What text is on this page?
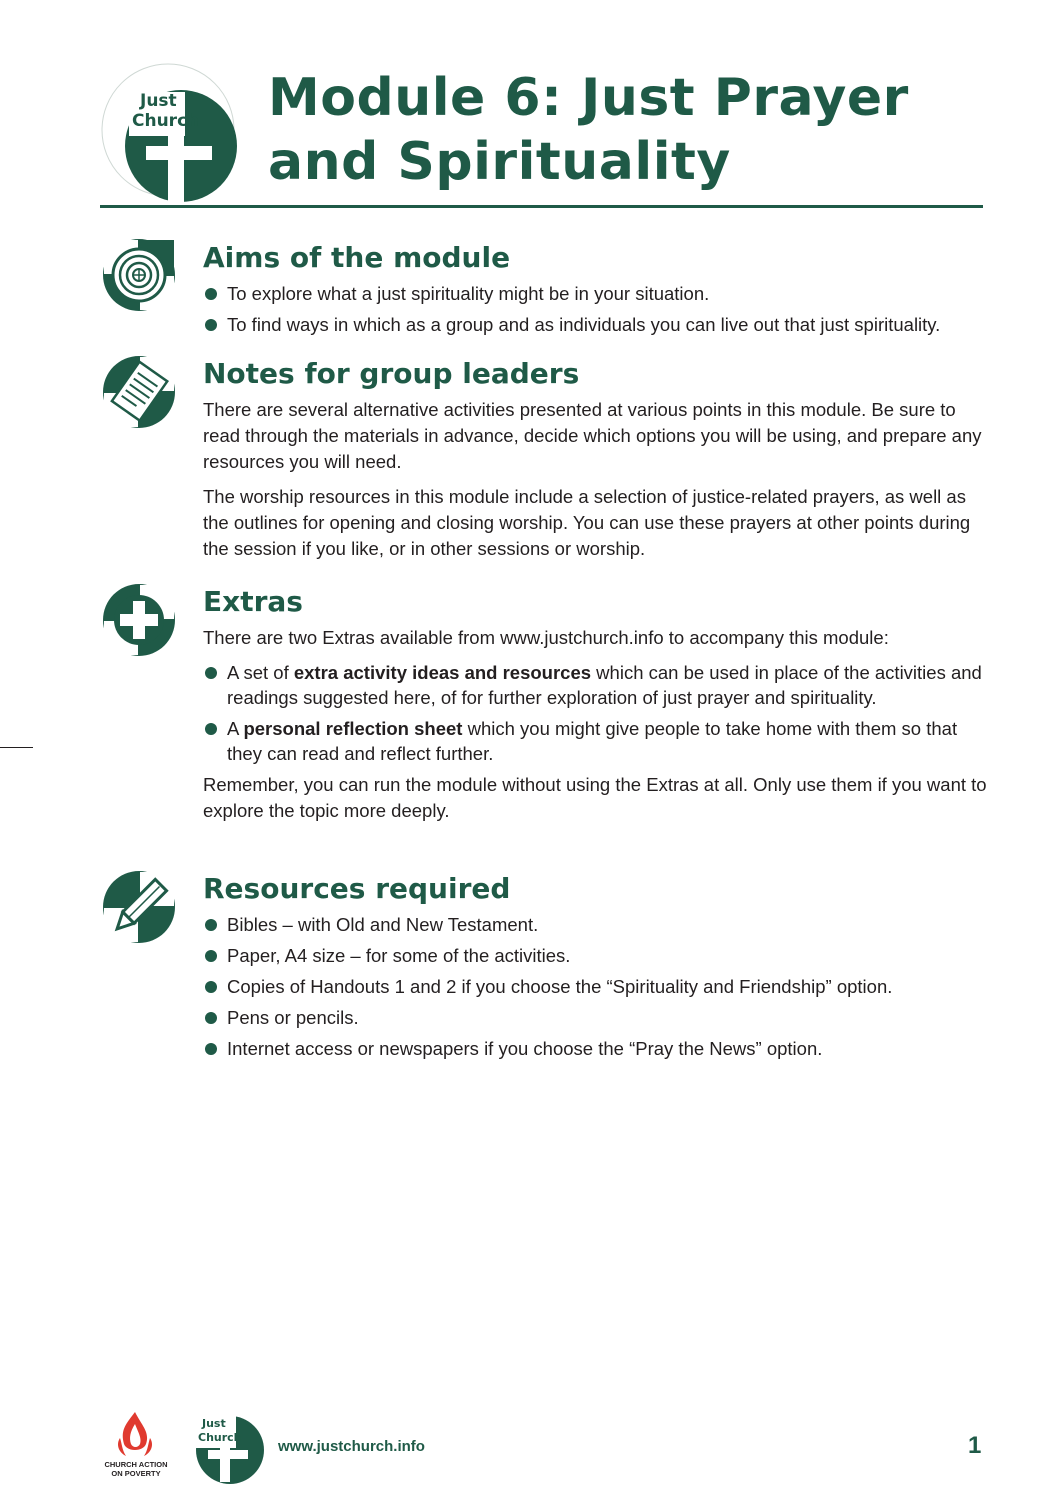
Just
Church Module 6: Just Prayer
and Spirituality
Aims of the module
To explore what a just spirituality might be in your situation.
To find ways in which as a group and as individuals you can live out that just spirituality.
Notes for group leaders

There are several alternative activities presented at various points in this module. Be sure to read through the materials in advance, decide which options you will be using, and prepare any resources you will need.

The worship resources in this module include a selection of justice-related prayers, as well as the outlines for opening and closing worship. You can use these prayers at other points during the session if you like, or in other sessions or worship.

Extras

There are two Extras available from www.justchurch.info to accompany this module:

A set of extra activity ideas and resources which can be used in place of the activities and readings suggested here, of for further exploration of just prayer and spirituality.
A personal reflection sheet which you might give people to take home with them so that they can read and reflect further.

Remember, you can run the module without using the Extras at all. Only use them if you want to explore the topic more deeply.

Resources required
Bibles – with Old and New Testament.
Paper, A4 size – for some of the activities.
Copies of Handouts 1 and 2 if you choose the “Spirituality and Friendship” option.
Pens or pencils.
Internet access or newspapers if you choose the “Pray the News” option.
CHURCH ACTION
ON POVERTY
Just
Church
www.justchurch.info	1
